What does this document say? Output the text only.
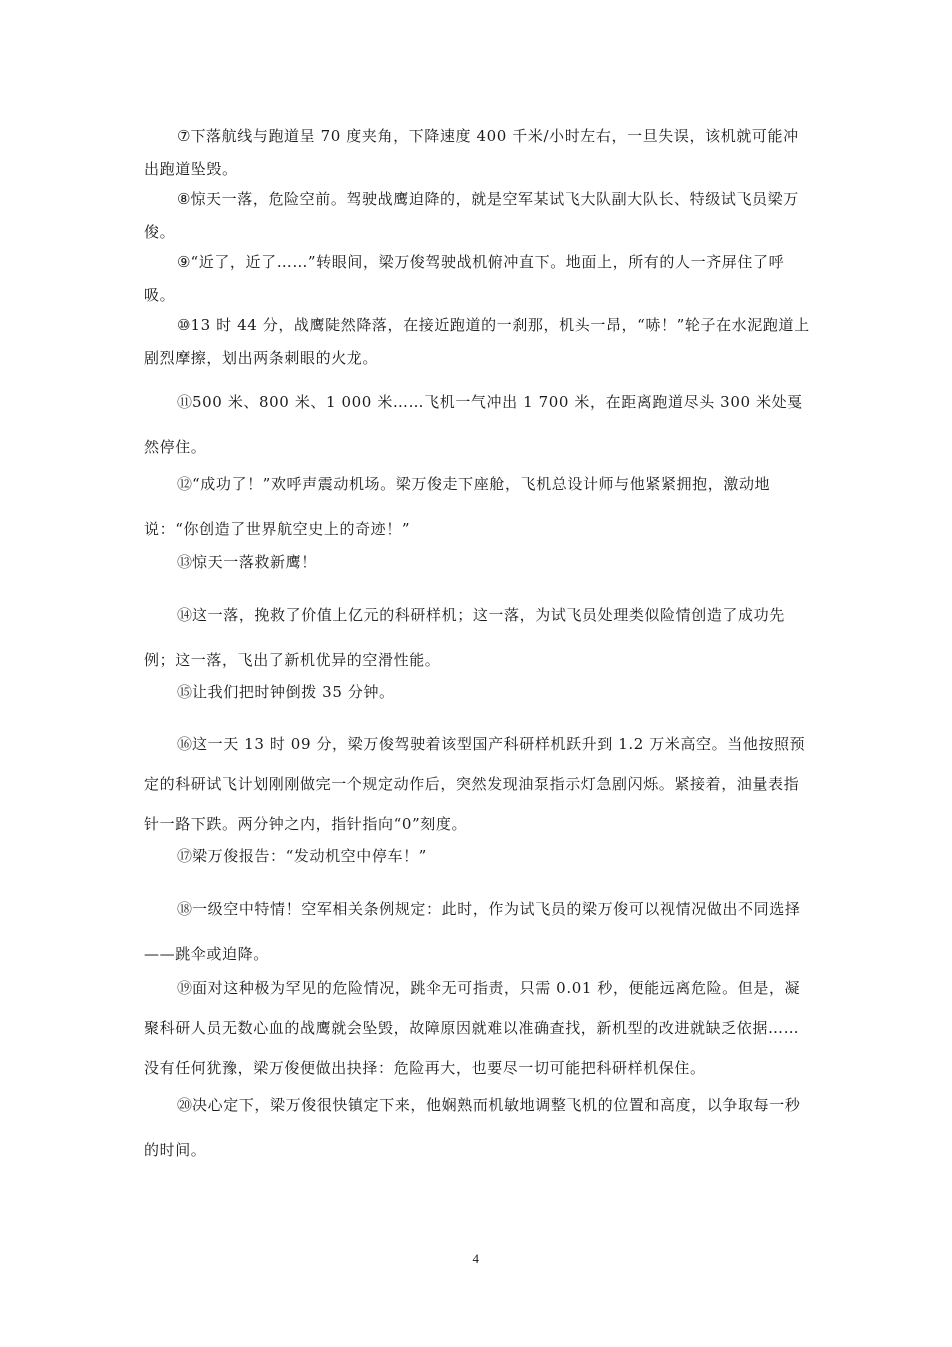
⑦下落航线与跑道呈 70 度夹角，下降速度 400 千米/小时左右，一旦失误，该机就可能冲出跑道坠毁。
⑧惊天一落，危险空前。驾驶战鹰迫降的，就是空军某试飞大队副大队长、特级试飞员梁万俊。
⑨“近了，近了……”转眼间，梁万俊驾驶战机俯冲直下。地面上，所有的人一齐屏住了呼吸。
⑩13 时 44 分，战鹰陡然降落，在接近跑道的一刹那，机头一昂，“哧！”轮子在水泥跑道上剧烈摩擦，划出两条刺眼的火龙。
⑪500 米、800 米、1 000 米……飞机一气冲出 1 700 米，在距离跑道尽头 300 米处戛然停住。
⑫“成功了！”欢呼声震动机场。梁万俊走下座舱，飞机总设计师与他紧紧拥抱，激动地说：“你创造了世界航空史上的奇迹！”
⑬惊天一落救新鹰！
⑭这一落，挽救了价值上亿元的科研样机；这一落，为试飞员处理类似险情创造了成功先例；这一落，飞出了新机优异的空滑性能。
⑮让我们把时钟倒拨 35 分钟。
⑯这一天 13 时 09 分，梁万俊驾驶着该型国产科研样机跃升到 1.2 万米高空。当他按照预定的科研试飞计划刚刚做完一个规定动作后，突然发现油泵指示灯急剧闪烁。紧接着，油量表指针一路下跌。两分钟之内，指针指向“0”刻度。
⑰梁万俊报告：“发动机空中停车！”
⑱一级空中特情！空军相关条例规定：此时，作为试飞员的梁万俊可以视情况做出不同选择——跳伞或迫降。
⑲面对这种极为罕见的危险情况，跳伞无可指责，只需 0.01 秒，便能远离危险。但是，凝聚科研人员无数心血的战鹰就会坠毁，故障原因就难以准确查找，新机型的改进就缺乏依据……没有任何犹豫，梁万俊便做出抉择：危险再大，也要尽一切可能把科研样机保住。
⑳决心定下，梁万俊很快镇定下来，他娴熟而机敏地调整飞机的位置和高度，以争取每一秒的时间。
4
